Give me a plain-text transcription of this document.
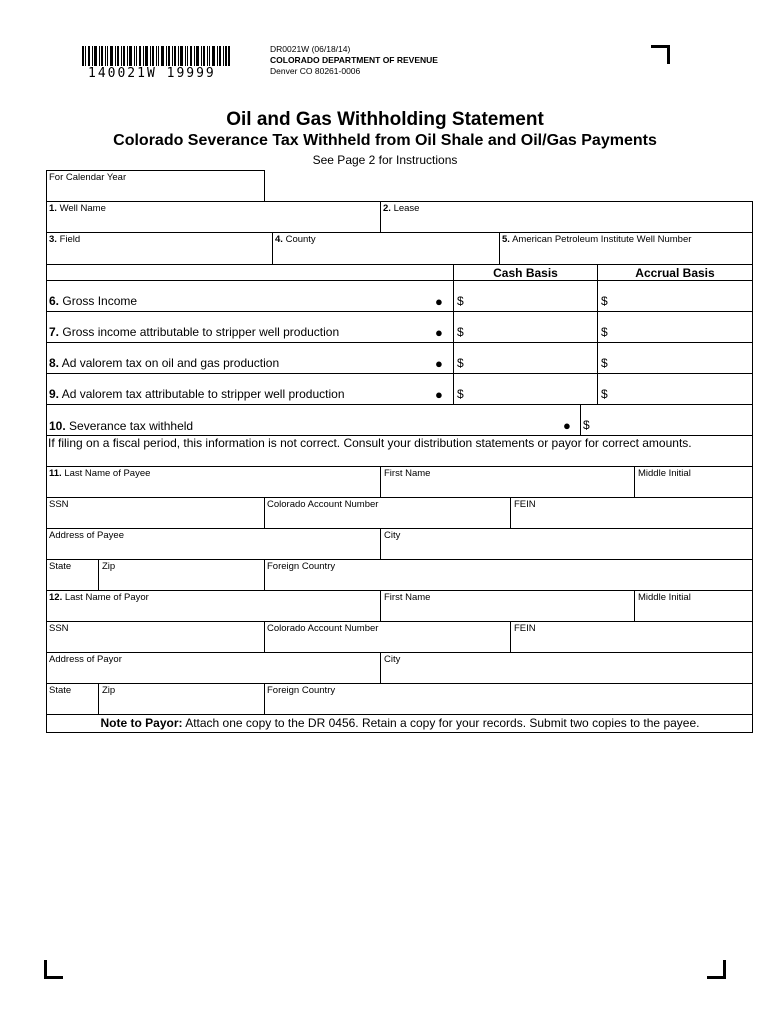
140021W 19999
DR0021W (06/18/14)
COLORADO DEPARTMENT OF REVENUE
Denver CO 80261-0006
Oil and Gas Withholding Statement
Colorado Severance Tax Withheld from Oil Shale and Oil/Gas Payments
See Page 2 for Instructions
For Calendar Year
1. Well Name	2. Lease
3. Field	4. County	5. American Petroleum Institute Well Number
Cash Basis	Accrual Basis
6. Gross Income	● $	$
7. Gross income attributable to stripper well production	● $	$
8. Ad valorem tax on oil and gas production	● $	$
9. Ad valorem tax attributable to stripper well production	● $	$
10. Severance tax withheld	● $
If filing on a fiscal period, this information is not correct. Consult your distribution statements or payor for correct amounts.
11. Last Name of Payee	First Name	Middle Initial
SSN	Colorado Account Number	FEIN
Address of Payee	City
State	Zip	Foreign Country
12. Last Name of Payor	First Name	Middle Initial
SSN	Colorado Account Number	FEIN
Address of Payor	City
State	Zip	Foreign Country
Note to Payor: Attach one copy to the DR 0456. Retain a copy for your records. Submit two copies to the payee.
